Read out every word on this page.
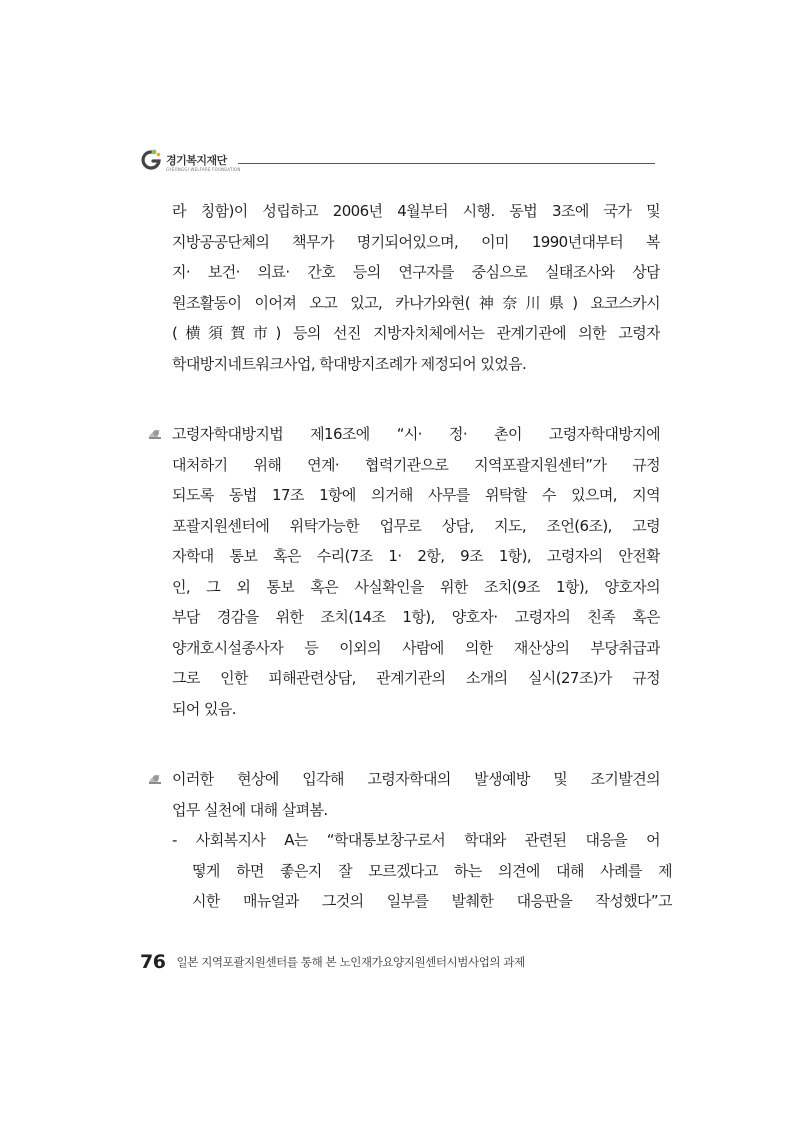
경기복지재단
GYEONGGI WELFARE FOUNDATION
라 칭함)이 성립하고 2006년 4월부터 시행. 동법 3조에 국가 및
지방공공단체의 책무가 명기되어있으며, 이미 1990년대부터 복
지· 보건· 의료· 간호 등의 연구자를 중심으로 실태조사와 상담
원조활동이 이어져 오고 있고, 카나가와현(神奈川県) 요코스카시
(横須賀市) 등의 선진 지방자치체에서는 관계기관에 의한 고령자
학대방지네트워크사업, 학대방지조례가 제정되어 있었음.
고령자학대방지법 제16조에 “시· 정· 촌이 고령자학대방지에
대처하기 위해 연계· 협력기관으로 지역포괄지원센터”가 규정
되도록 동법 17조 1항에 의거해 사무를 위탁할 수 있으며, 지역
포괄지원센터에 위탁가능한 업무로 상담, 지도, 조언(6조), 고령
자학대 통보 혹은 수리(7조 1· 2항, 9조 1항), 고령자의 안전확
인, 그 외 통보 혹은 사실확인을 위한 조치(9조 1항), 양호자의
부담 경감을 위한 조치(14조 1항), 양호자· 고령자의 친족 혹은
양개호시설종사자 등 이외의 사람에 의한 재산상의 부당취급과
그로 인한 피해관련상담, 관계기관의 소개의 실시(27조)가 규정
되어 있음.
이러한 현상에 입각해 고령자학대의 발생예방 및 조기발견의
업무 실천에 대해 살펴봄.
- 사회복지사 A는 “학대통보창구로서 학대와 관련된 대응을 어
떻게 하면 좋은지 잘 모르겠다고 하는 의견에 대해 사례를 제
시한 매뉴얼과 그것의 일부를 발췌한 대응판을 작성했다”고
76 일본 지역포괄지원센터를 통해 본 노인재가요양지원센터시범사업의 과제
